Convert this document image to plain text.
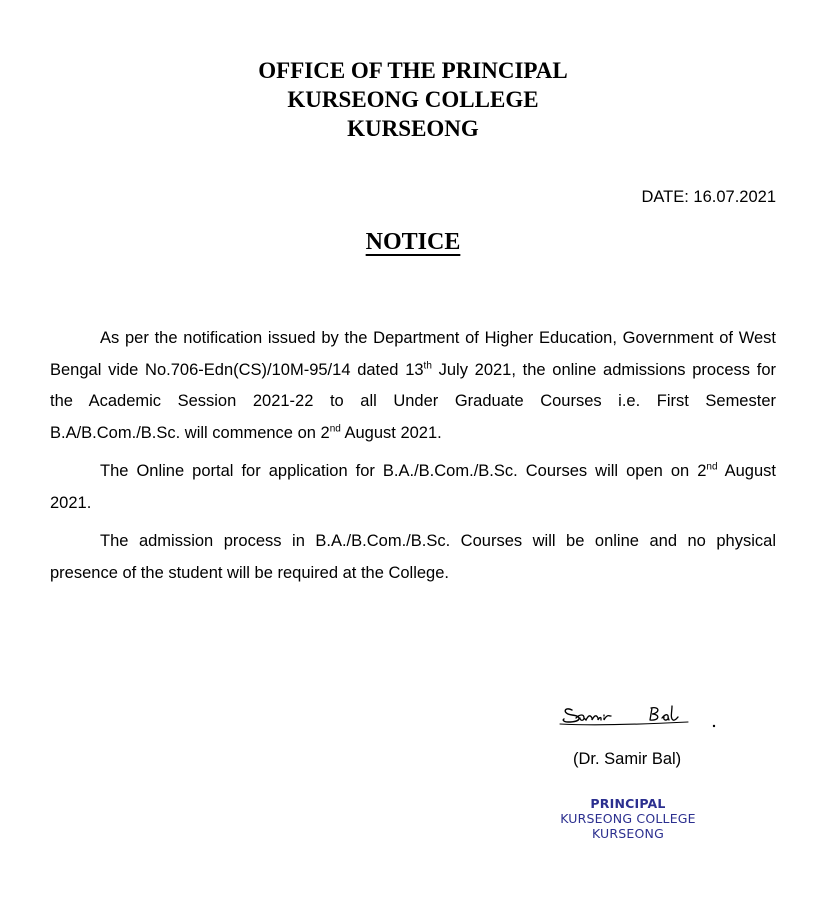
OFFICE OF THE PRINCIPAL
KURSEONG COLLEGE
KURSEONG
DATE: 16.07.2021
NOTICE

As per the notification issued by the Department of Higher Education, Government of West Bengal vide No.706-Edn(CS)/10M-95/14 dated 13th July 2021, the online admissions process for the Academic Session 2021-22 to all Under Graduate Courses i.e. First Semester B.A/B.Com./B.Sc. will commence on 2nd August 2021.

The Online portal for application for B.A./B.Com./B.Sc. Courses will open on 2nd August 2021.

The admission process in B.A./B.Com./B.Sc. Courses will be online and no physical presence of the student will be required at the College.

(Dr. Samir Bal)
PRINCIPAL
KURSEONG COLLEGE
KURSEONG
